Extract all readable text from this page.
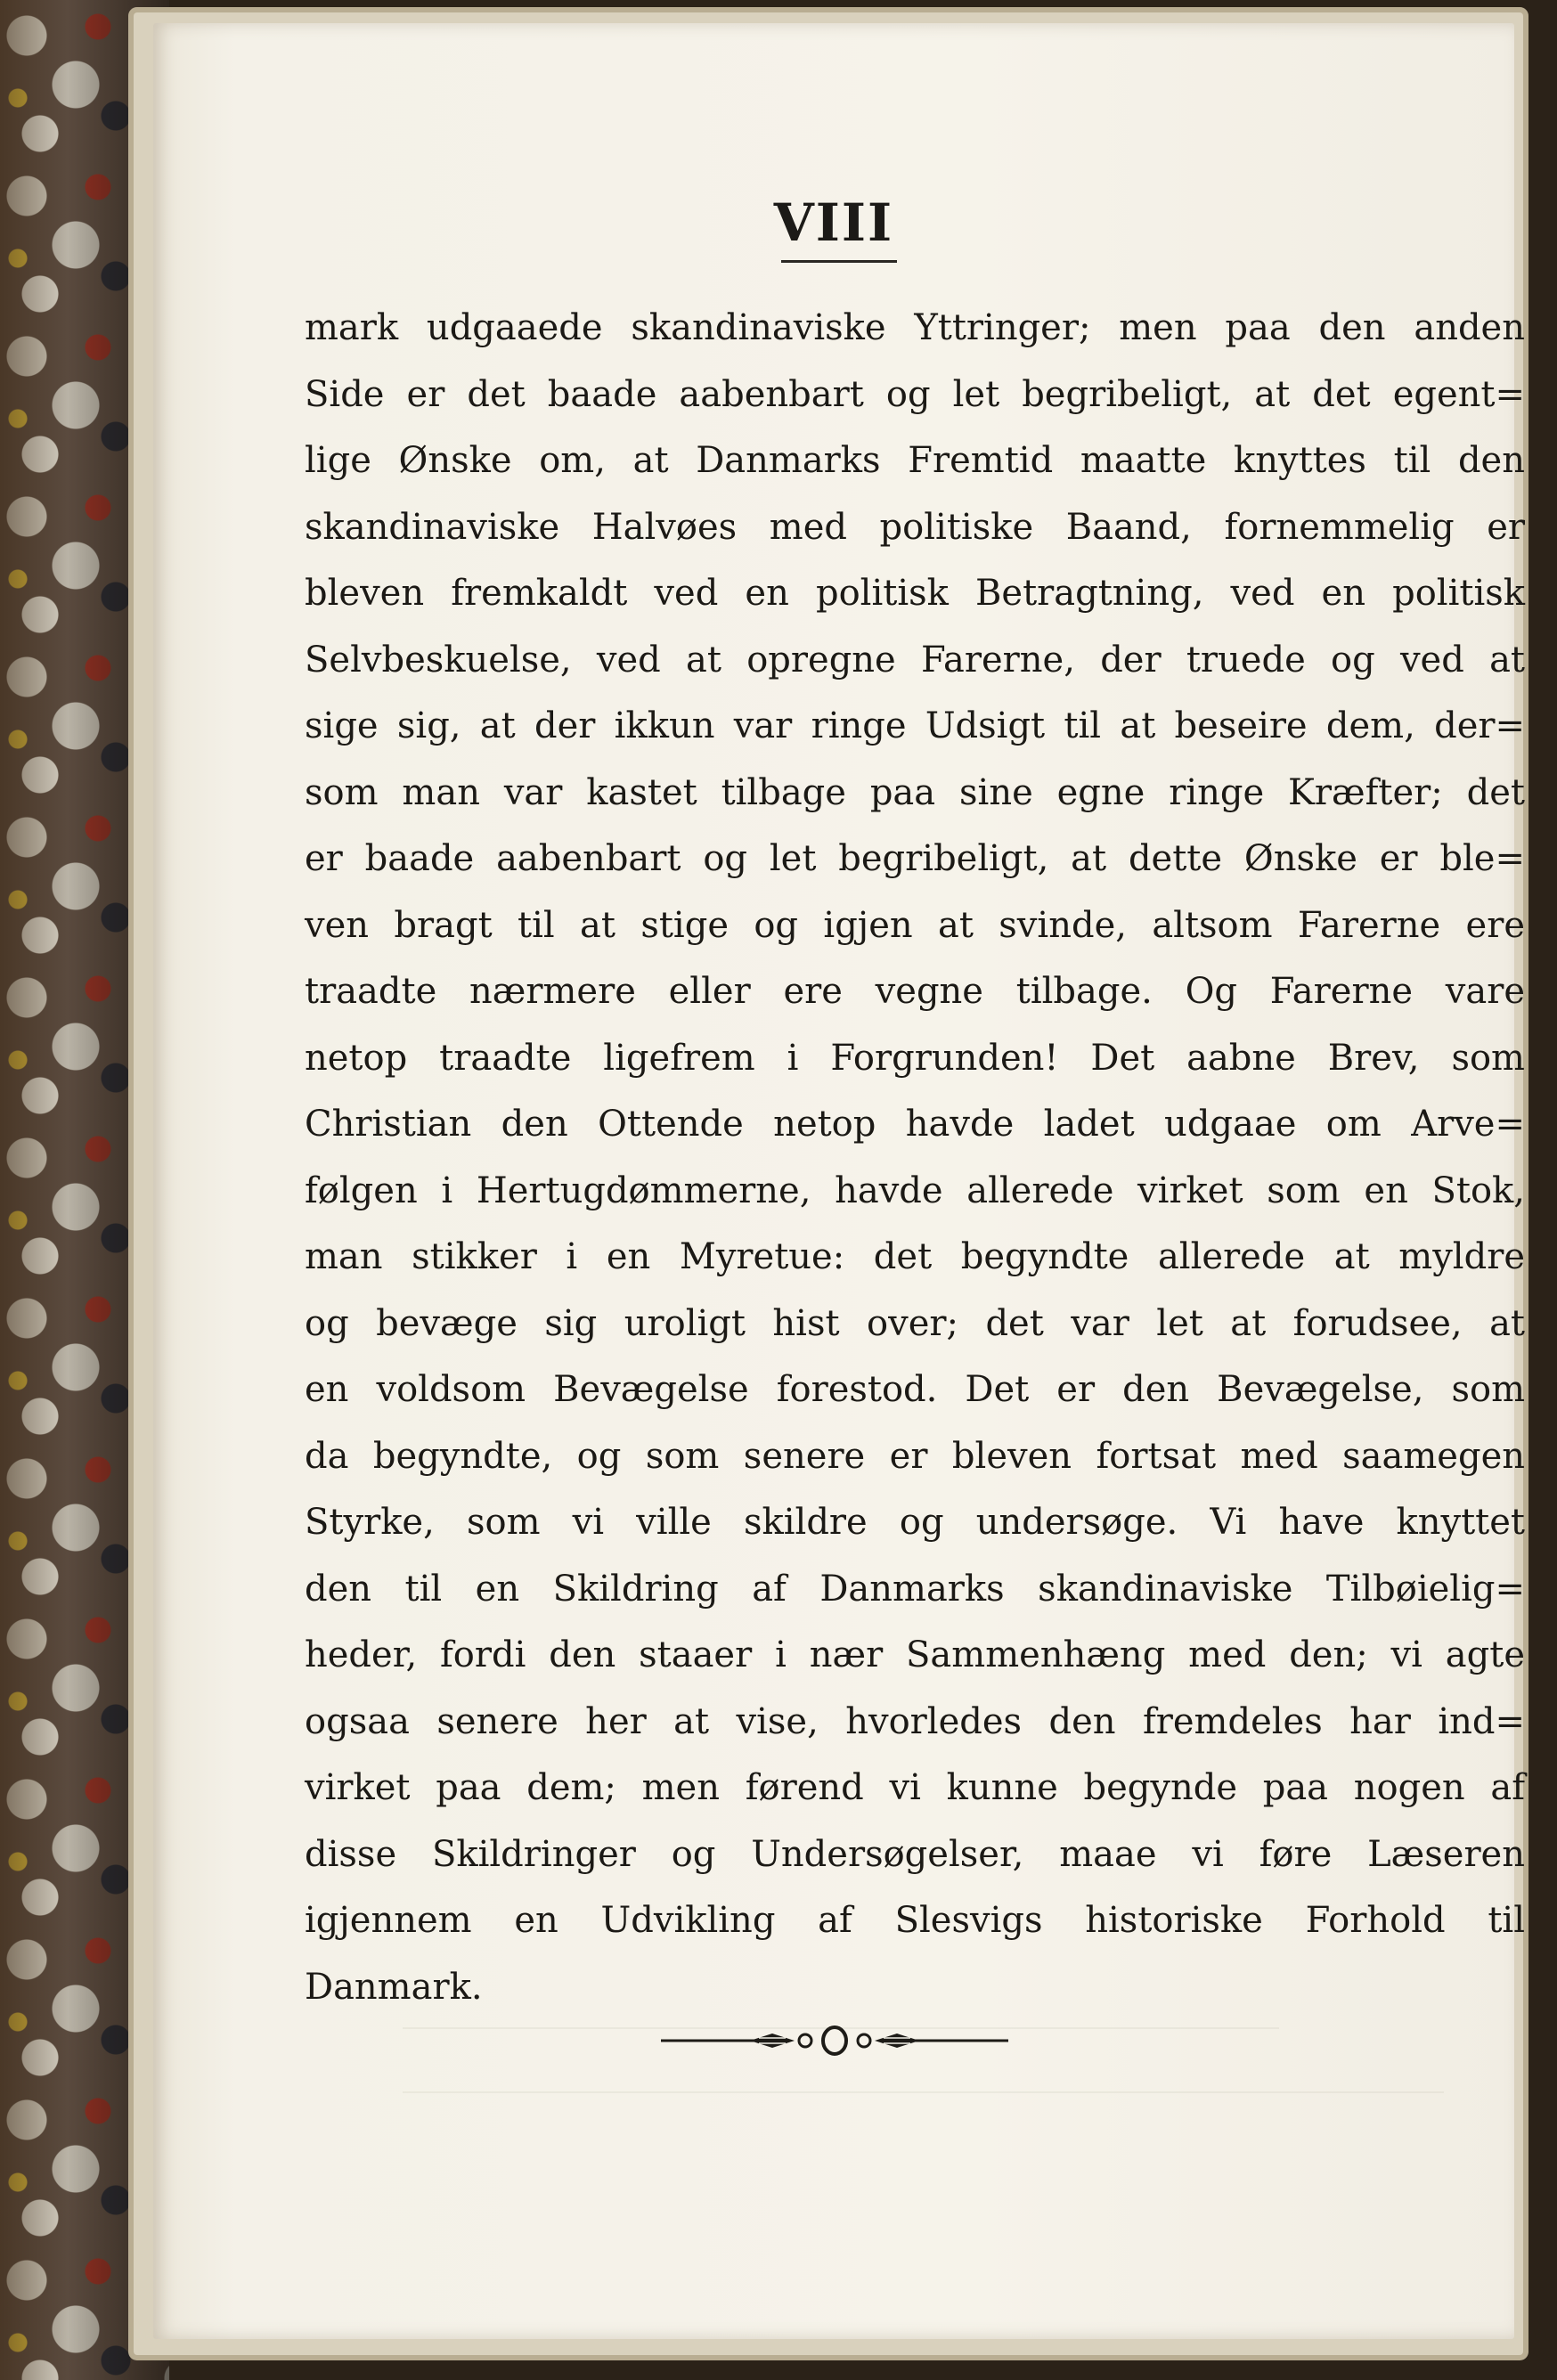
VIII
mark udgaaede skandinaviske Yttringer; men paa den anden
Side er det baade aabenbart og let begribeligt, at det egent=
lige Ønske om, at Danmarks Fremtid maatte knyttes til den
skandinaviske Halvøes med politiske Baand, fornemmelig er
bleven fremkaldt ved en politisk Betragtning, ved en politisk
Selvbeskuelse, ved at opregne Farerne, der truede og ved at
sige sig, at der ikkun var ringe Udsigt til at beseire dem, der=
som man var kastet tilbage paa sine egne ringe Kræfter; det
er baade aabenbart og let begribeligt, at dette Ønske er ble=
ven bragt til at stige og igjen at svinde, altsom Farerne ere
traadte nærmere eller ere vegne tilbage. Og Farerne vare
netop traadte ligefrem i Forgrunden! Det aabne Brev, som
Christian den Ottende netop havde ladet udgaae om Arve=
følgen i Hertugdømmerne, havde allerede virket som en Stok,
man stikker i en Myretue: det begyndte allerede at myldre
og bevæge sig uroligt hist over; det var let at forudsee, at
en voldsom Bevægelse forestod. Det er den Bevægelse, som
da begyndte, og som senere er bleven fortsat med saamegen
Styrke, som vi ville skildre og undersøge. Vi have knyttet
den til en Skildring af Danmarks skandinaviske Tilbøielig=
heder, fordi den staaer i nær Sammenhæng med den; vi agte
ogsaa senere her at vise, hvorledes den fremdeles har ind=
virket paa dem; men førend vi kunne begynde paa nogen af
disse Skildringer og Undersøgelser, maae vi føre Læseren
igjennem en Udvikling af Slesvigs historiske Forhold til
Danmark.
